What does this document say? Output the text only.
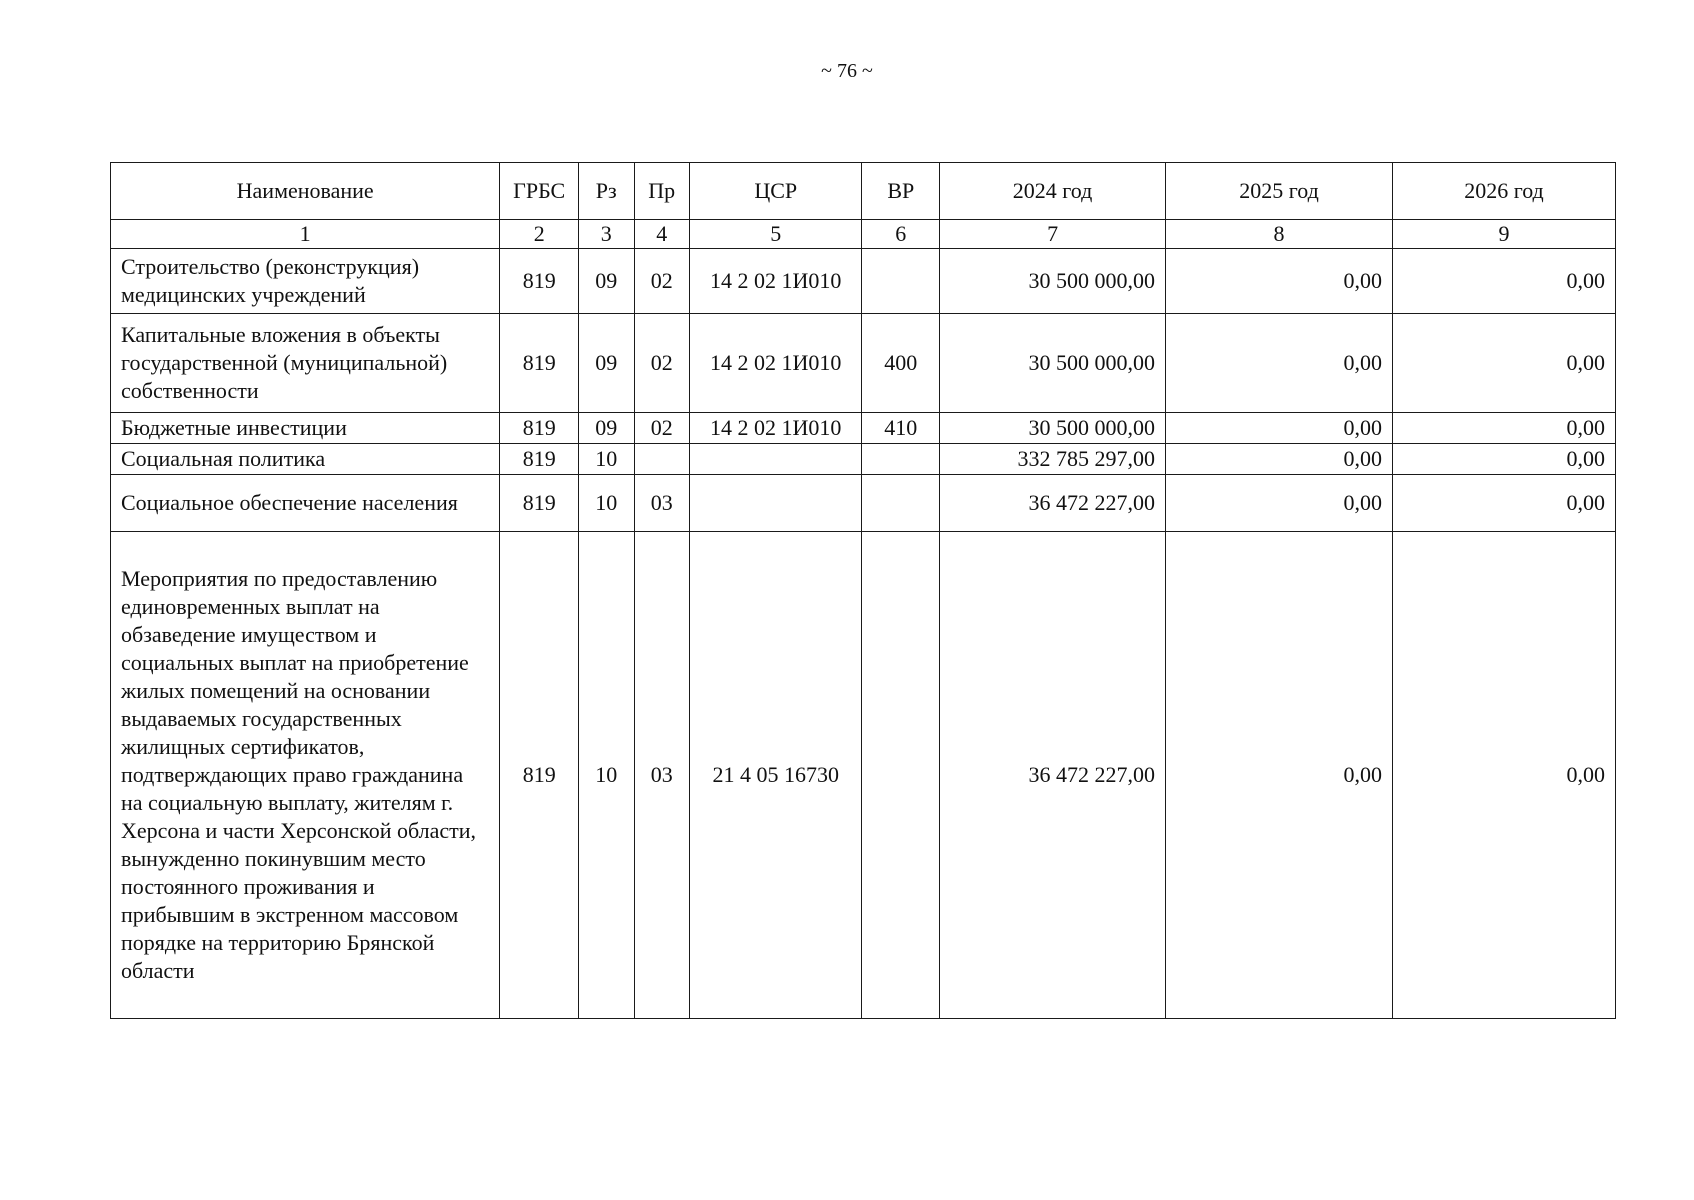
~ 76 ~
Наименование	ГРБС	Рз	Пр	ЦСР	ВР	2024 год	2025 год	2026 год
1	2	3	4	5	6	7	8	9
Строительство (реконструкция) медицинских учреждений	819	09	02	14 2 02 1И010		30 500 000,00	0,00	0,00
Капитальные вложения в объекты государственной (муниципальной) собственности	819	09	02	14 2 02 1И010	400	30 500 000,00	0,00	0,00
Бюджетные инвестиции	819	09	02	14 2 02 1И010	410	30 500 000,00	0,00	0,00
Социальная политика	819	10				332 785 297,00	0,00	0,00
Социальное обеспечение населения	819	10	03			36 472 227,00	0,00	0,00
Мероприятия по предоставлению единовременных выплат на обзаведение имуществом и социальных выплат на приобретение жилых помещений на основании выдаваемых государственных жилищных сертификатов, подтверждающих право гражданина на социальную выплату, жителям г. Херсона и части Херсонской области, вынужденно покинувшим место постоянного проживания и прибывшим в экстренном массовом порядке на территорию Брянской области	819	10	03	21 4 05 16730		36 472 227,00	0,00	0,00
